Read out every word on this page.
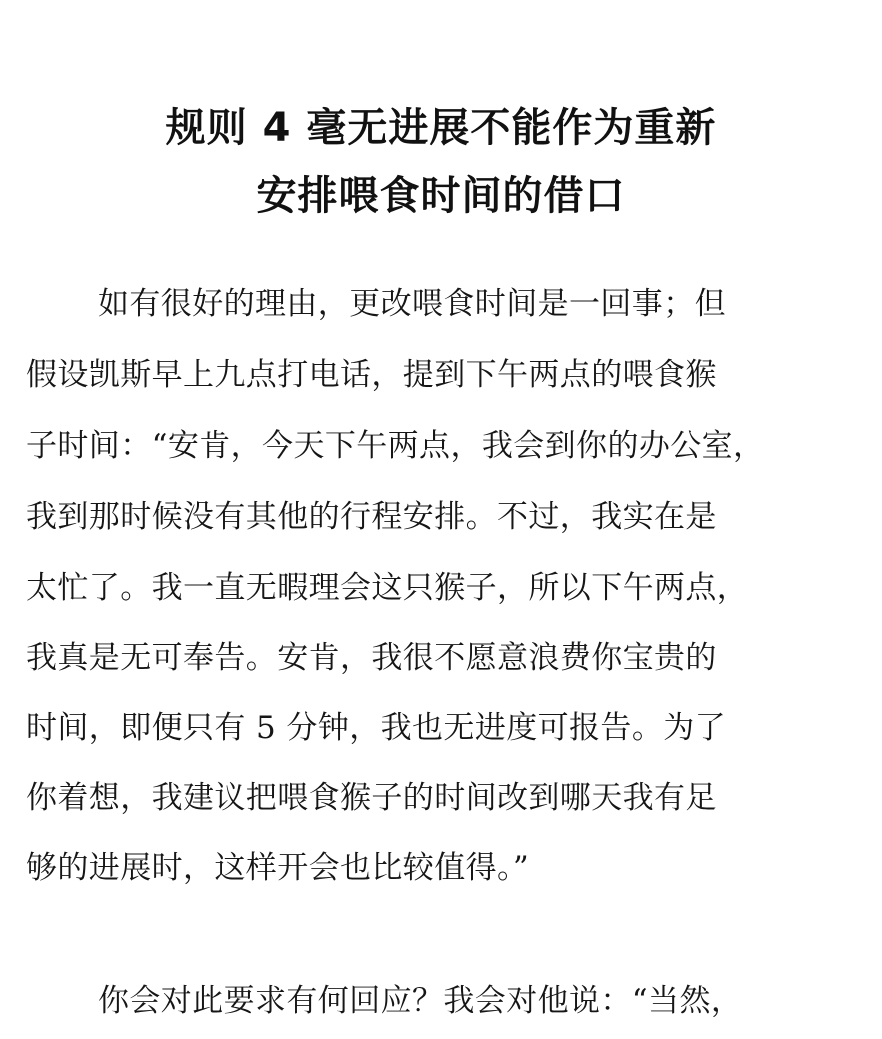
规则 4 毫无进展不能作为重新
安排喂食时间的借口
如有很好的理由，更改喂食时间是一回事；但
假设凯斯早上九点打电话，提到下午两点的喂食猴
子时间：“安肯，今天下午两点，我会到你的办公室，
我到那时候没有其他的行程安排。不过，我实在是
太忙了。我一直无暇理会这只猴子，所以下午两点，
我真是无可奉告。安肯，我很不愿意浪费你宝贵的
时间，即便只有 5 分钟，我也无进度可报告。为了
你着想，我建议把喂食猴子的时间改到哪天我有足
够的进展时，这样开会也比较值得。”
你会对此要求有何回应？我会对他说：“当然，
